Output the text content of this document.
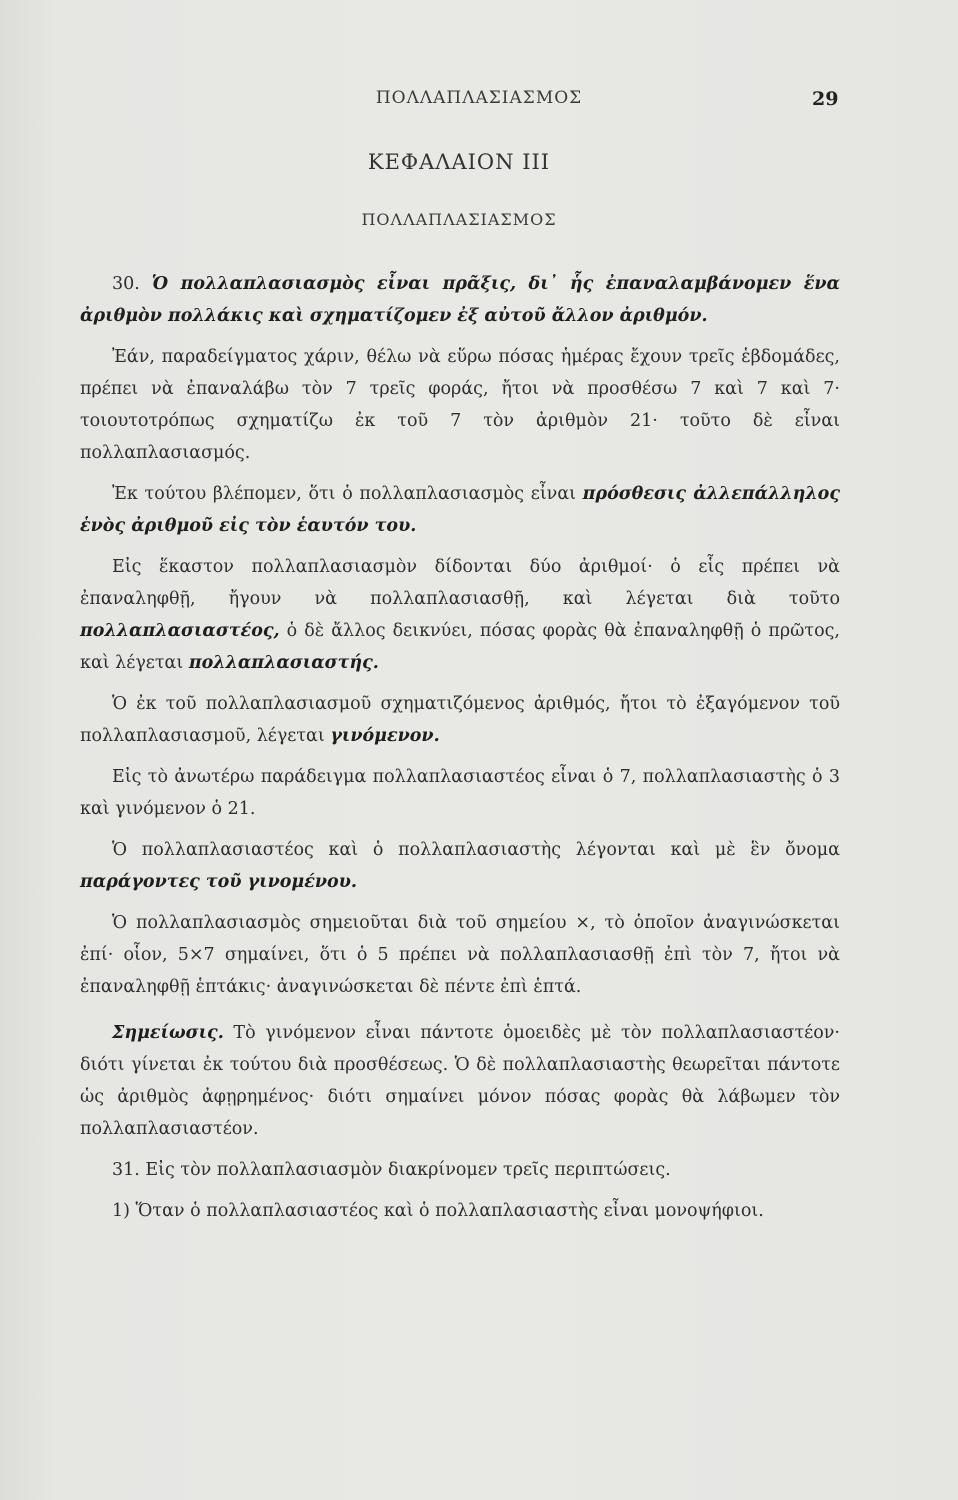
ΠΟΛΛΑΠΛΑΣΙΑΣΜΟΣ	29
ΚΕΦΑΛΑΙΟΝ ΙΙΙ
ΠΟΛΛΑΠΛΑΣΙΑΣΜΟΣ

30. Ὁ πολλαπλασιασμὸς εἶναι πρᾶξις, δι᾽ ἧς ἐπαναλαμβάνομεν ἕνα ἀριθμὸν πολλάκις καὶ σχηματίζομεν ἐξ αὐτοῦ ἄλλον ἀριθμόν.

Ἐάν, παραδείγματος χάριν, θέλω νὰ εὕρω πόσας ἡμέρας ἔχουν τρεῖς ἑβδομάδες, πρέπει νὰ ἐπαναλάβω τὸν 7 τρεῖς φοράς, ἤτοι νὰ προσθέσω 7 καὶ 7 καὶ 7· τοιουτοτρόπως σχηματίζω ἐκ τοῦ 7 τὸν ἀριθμὸν 21· τοῦτο δὲ εἶναι πολλαπλασιασμός.

Ἐκ τούτου βλέπομεν, ὅτι ὁ πολλαπλασιασμὸς εἶναι πρόσθεσις ἀλλεπάλληλος ἑνὸς ἀριθμοῦ εἰς τὸν ἑαυτόν του.

Εἰς ἕκαστον πολλαπλασιασμὸν δίδονται δύο ἀριθμοί· ὁ εἷς πρέπει νὰ ἐπαναληφθῇ, ἤγουν νὰ πολλαπλασιασθῇ, καὶ λέγεται διὰ τοῦτο πολλαπλασιαστέος, ὁ δὲ ἄλλος δεικνύει, πόσας φορὰς θὰ ἐπαναληφθῇ ὁ πρῶτος, καὶ λέγεται πολλαπλασιαστής.

Ὁ ἐκ τοῦ πολλαπλασιασμοῦ σχηματιζόμενος ἀριθμός, ἤτοι τὸ ἐξαγόμενον τοῦ πολλαπλασιασμοῦ, λέγεται γινόμενον.

Εἰς τὸ ἀνωτέρω παράδειγμα πολλαπλασιαστέος εἶναι ὁ 7, πολλαπλασιαστὴς ὁ 3 καὶ γινόμενον ὁ 21.

Ὁ πολλαπλασιαστέος καὶ ὁ πολλαπλασιαστὴς λέγονται καὶ μὲ ἓν ὄνομα παράγοντες τοῦ γινομένου.

Ὁ πολλαπλασιασμὸς σημειοῦται διὰ τοῦ σημείου ×, τὸ ὁποῖον ἀναγινώσκεται ἐπί· οἷον, 5×7 σημαίνει, ὅτι ὁ 5 πρέπει νὰ πολλαπλασιασθῇ ἐπὶ τὸν 7, ἤτοι νὰ ἐπαναληφθῇ ἑπτάκις· ἀναγινώσκεται δὲ πέντε ἐπὶ ἑπτά.

Σημείωσις. Τὸ γινόμενον εἶναι πάντοτε ὁμοειδὲς μὲ τὸν πολλαπλασιαστέον· διότι γίνεται ἐκ τούτου διὰ προσθέσεως. Ὁ δὲ πολλαπλασιαστὴς θεωρεῖται πάντοτε ὡς ἀριθμὸς ἀφῃρημένος· διότι σημαίνει μόνον πόσας φορὰς θὰ λάβωμεν τὸν πολλαπλασιαστέον.

31. Εἰς τὸν πολλαπλασιασμὸν διακρίνομεν τρεῖς περιπτώσεις.

1) Ὅταν ὁ πολλαπλασιαστέος καὶ ὁ πολλαπλασιαστὴς εἶναι μονοψήφιοι.
